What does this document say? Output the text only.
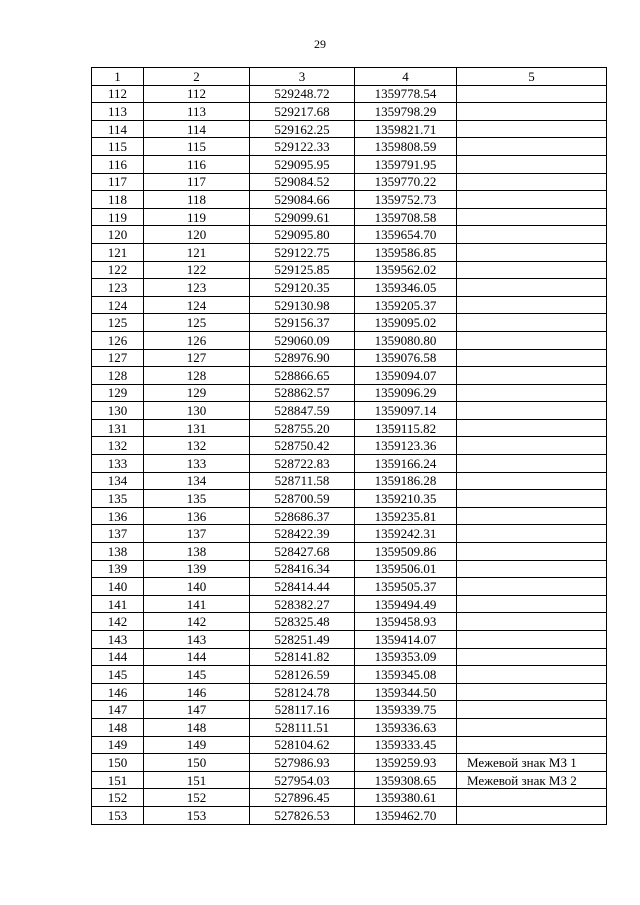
29
1	2	3	4	5
112	112	529248.72	1359778.54	
113	113	529217.68	1359798.29	
114	114	529162.25	1359821.71	
115	115	529122.33	1359808.59	
116	116	529095.95	1359791.95	
117	117	529084.52	1359770.22	
118	118	529084.66	1359752.73	
119	119	529099.61	1359708.58	
120	120	529095.80	1359654.70	
121	121	529122.75	1359586.85	
122	122	529125.85	1359562.02	
123	123	529120.35	1359346.05	
124	124	529130.98	1359205.37	
125	125	529156.37	1359095.02	
126	126	529060.09	1359080.80	
127	127	528976.90	1359076.58	
128	128	528866.65	1359094.07	
129	129	528862.57	1359096.29	
130	130	528847.59	1359097.14	
131	131	528755.20	1359115.82	
132	132	528750.42	1359123.36	
133	133	528722.83	1359166.24	
134	134	528711.58	1359186.28	
135	135	528700.59	1359210.35	
136	136	528686.37	1359235.81	
137	137	528422.39	1359242.31	
138	138	528427.68	1359509.86	
139	139	528416.34	1359506.01	
140	140	528414.44	1359505.37	
141	141	528382.27	1359494.49	
142	142	528325.48	1359458.93	
143	143	528251.49	1359414.07	
144	144	528141.82	1359353.09	
145	145	528126.59	1359345.08	
146	146	528124.78	1359344.50	
147	147	528117.16	1359339.75	
148	148	528111.51	1359336.63	
149	149	528104.62	1359333.45	
150	150	527986.93	1359259.93	Межевой знак МЗ 1
151	151	527954.03	1359308.65	Межевой знак МЗ 2
152	152	527896.45	1359380.61	
153	153	527826.53	1359462.70	
